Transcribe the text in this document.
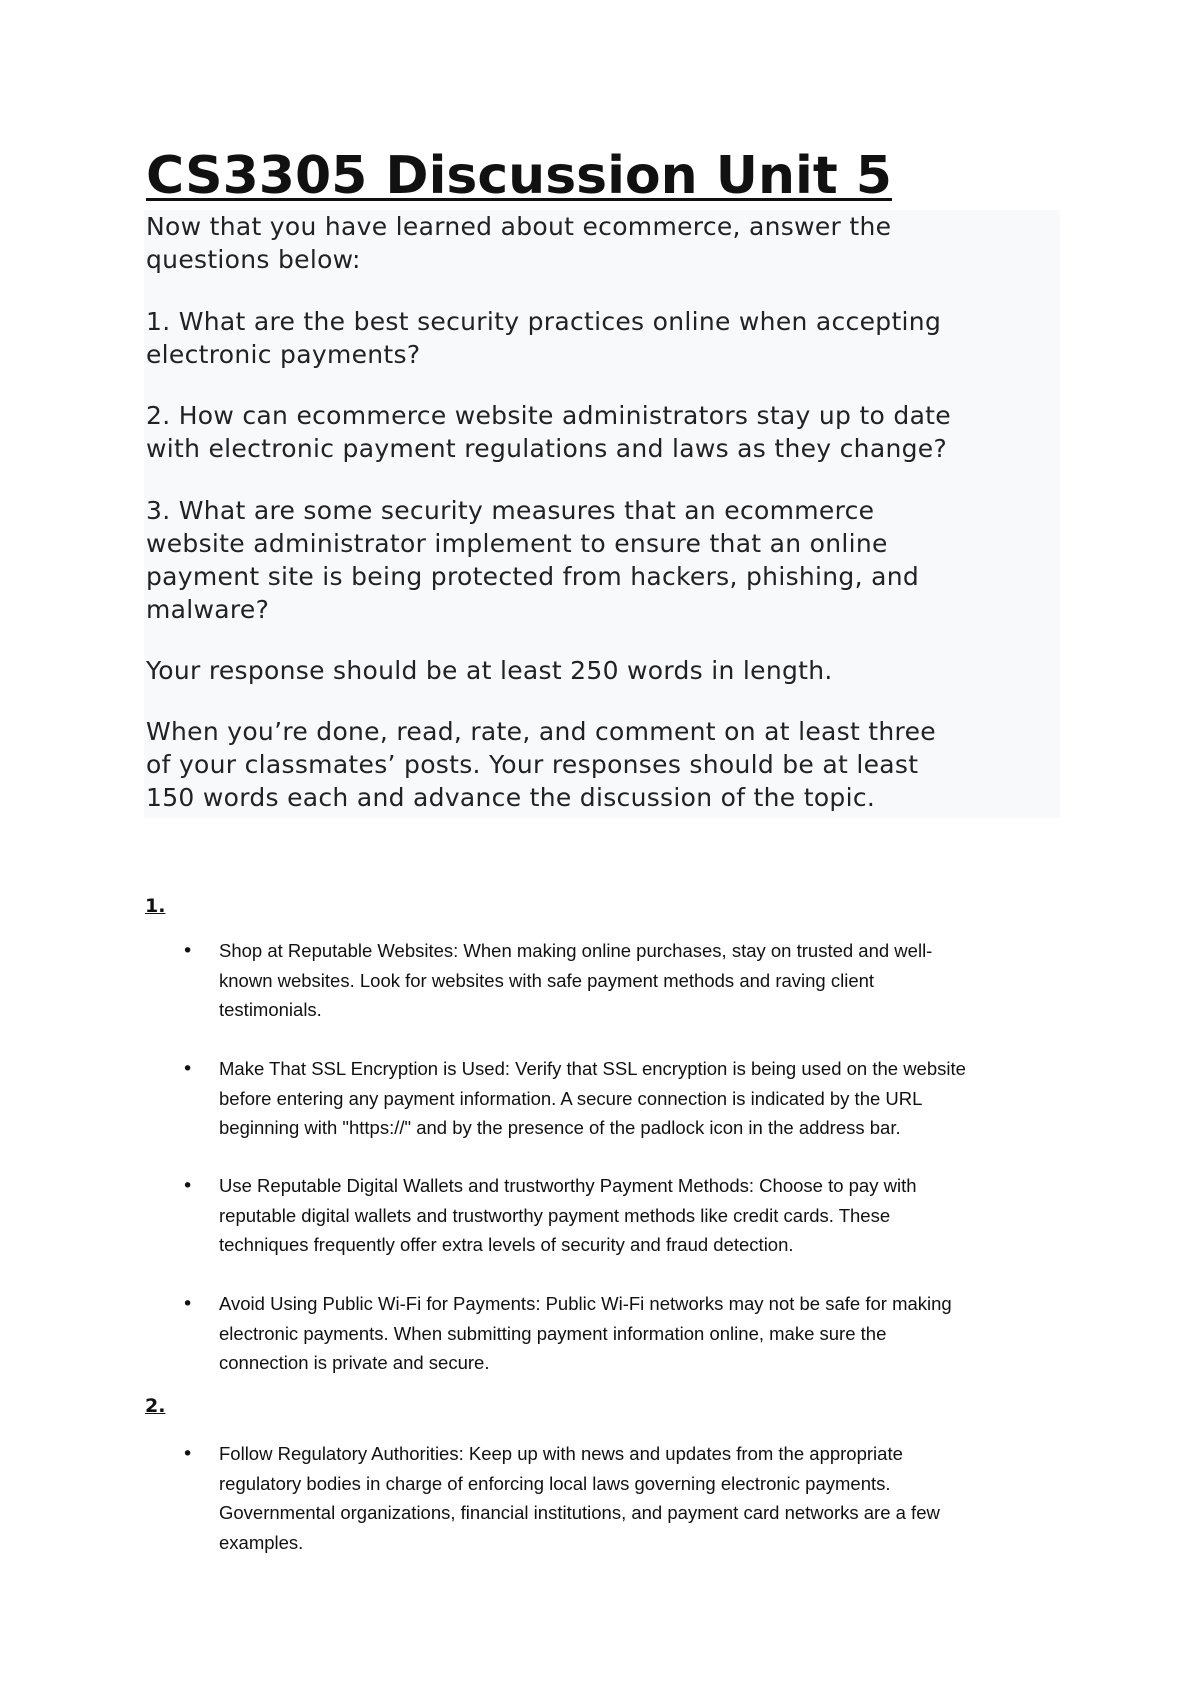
CS3305 Discussion Unit 5

Now that you have learned about ecommerce, answer the
questions below:

1. What are the best security practices online when accepting
electronic payments?

2. How can ecommerce website administrators stay up to date
with electronic payment regulations and laws as they change?

3. What are some security measures that an ecommerce
website administrator implement to ensure that an online
payment site is being protected from hackers, phishing, and
malware?

Your response should be at least 250 words in length.

When you’re done, read, rate, and comment on at least three
of your classmates’ posts. Your responses should be at least
150 words each and advance the discussion of the topic.

1.

• Shop at Reputable Websites: When making online purchases, stay on trusted and well-
known websites. Look for websites with safe payment methods and raving client
testimonials.

• Make That SSL Encryption is Used: Verify that SSL encryption is being used on the website
before entering any payment information. A secure connection is indicated by the URL
beginning with "https://" and by the presence of the padlock icon in the address bar.

• Use Reputable Digital Wallets and trustworthy Payment Methods: Choose to pay with
reputable digital wallets and trustworthy payment methods like credit cards. These
techniques frequently offer extra levels of security and fraud detection.

• Avoid Using Public Wi-Fi for Payments: Public Wi-Fi networks may not be safe for making
electronic payments. When submitting payment information online, make sure the
connection is private and secure.

2.

• Follow Regulatory Authorities: Keep up with news and updates from the appropriate
regulatory bodies in charge of enforcing local laws governing electronic payments.
Governmental organizations, financial institutions, and payment card networks are a few
examples.
